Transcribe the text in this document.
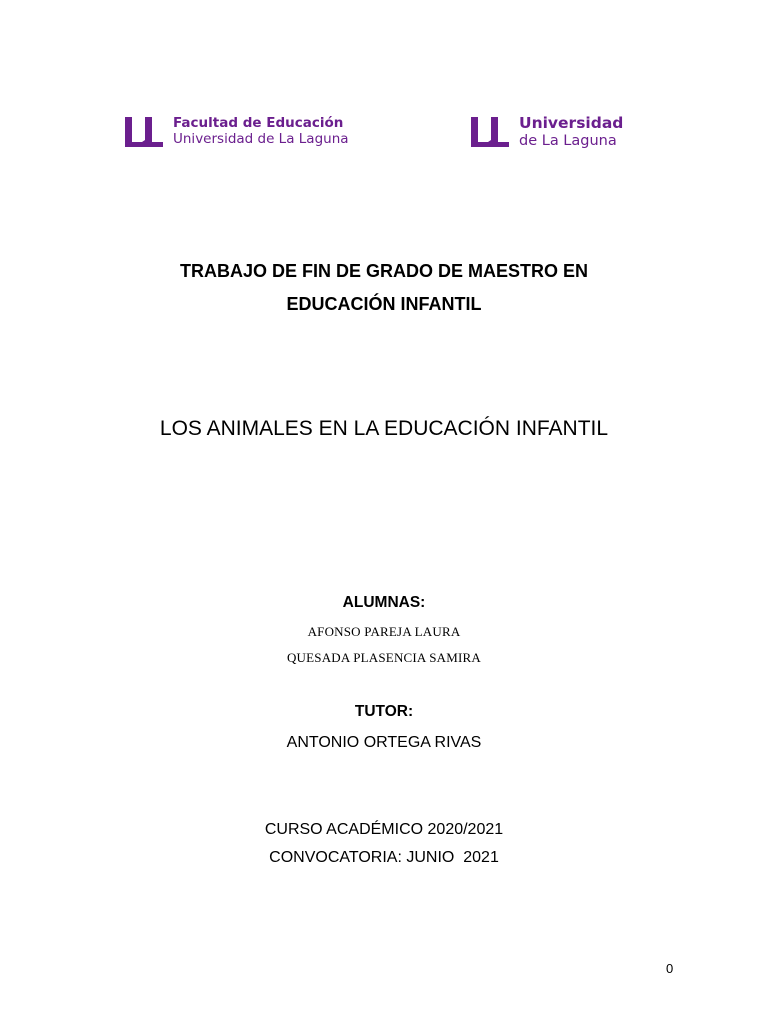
Facultad de Educación
Universidad de La Laguna
Universidad
de La Laguna
TRABAJO DE FIN DE GRADO DE MAESTRO EN
EDUCACIÓN INFANTIL
LOS ANIMALES EN LA EDUCACIÓN INFANTIL
ALUMNAS:
AFONSO PAREJA LAURA
QUESADA PLASENCIA SAMIRA
TUTOR:
ANTONIO ORTEGA RIVAS
CURSO ACADÉMICO 2020/2021
CONVOCATORIA: JUNIO  2021
0
